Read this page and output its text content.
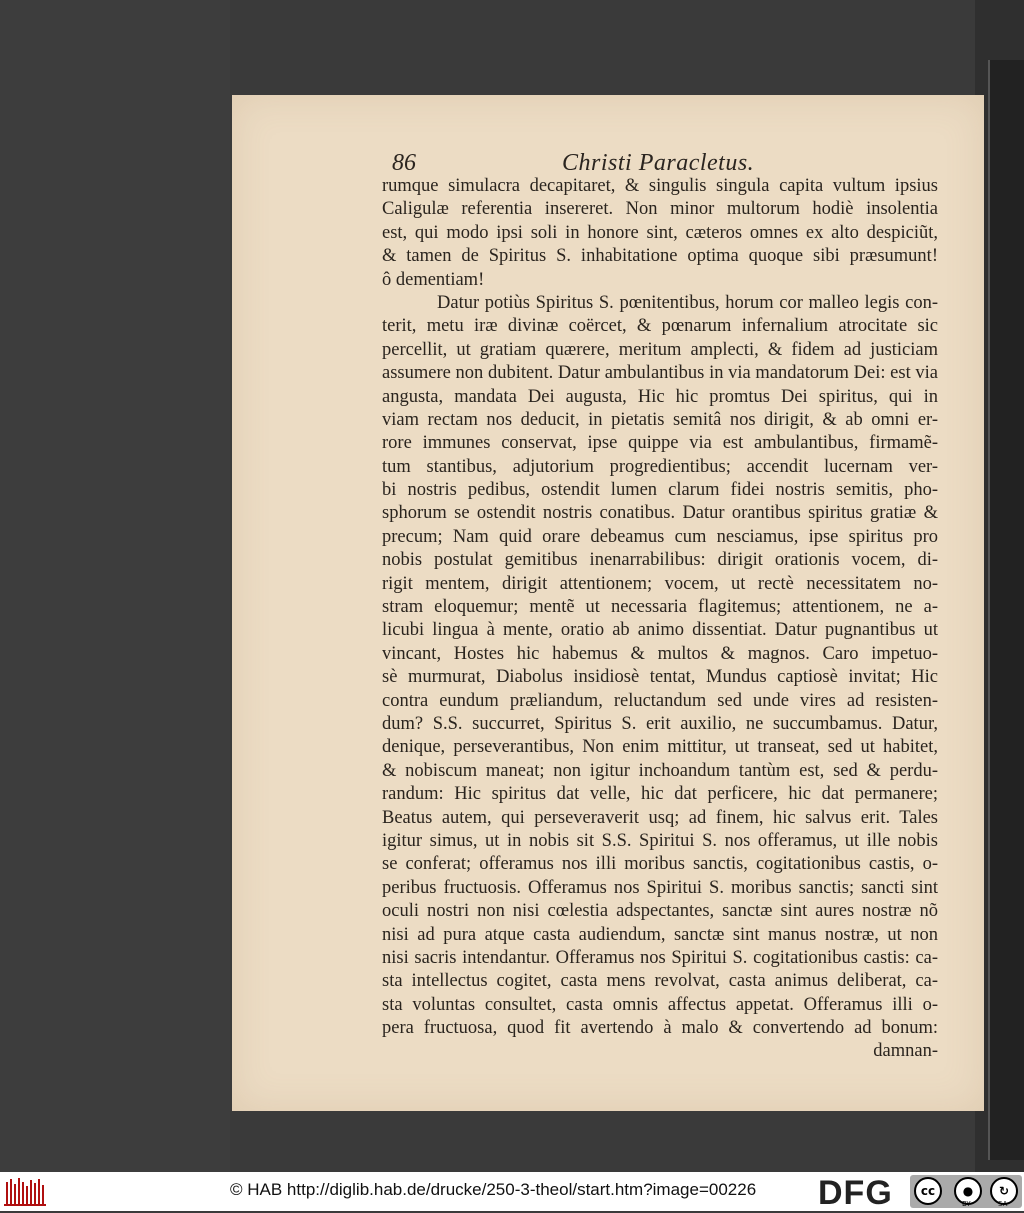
86	Christi Paracletus.
rumque simulacra decapitaret, & singulis singula capita vultum ipsius
Caligulæ referentia insereret. Non minor multorum hodiè insolentia
est, qui modo ipsi soli in honore sint, cæteros omnes ex alto despiciũt,
& tamen de Spiritus S. inhabitatione optima quoque sibi præsumunt!
ô dementiam!
Datur potiùs Spiritus S. pœnitentibus, horum cor malleo legis con-
terit, metu iræ divinæ coërcet, & pœnarum infernalium atrocitate sic
percellit, ut gratiam quærere, meritum amplecti, & fidem ad justiciam
assumere non dubitent. Datur ambulantibus in via mandatorum Dei: est via
angusta, mandata Dei augusta, Hic hic promtus Dei spiritus, qui in
viam rectam nos deducit, in pietatis semitâ nos dirigit, & ab omni er-
rore immunes conservat, ipse quippe via est ambulantibus, firmamẽ-
tum stantibus, adjutorium progredientibus; accendit lucernam ver-
bi nostris pedibus, ostendit lumen clarum fidei nostris semitis, pho-
sphorum se ostendit nostris conatibus. Datur orantibus spiritus gratiæ &
precum; Nam quid orare debeamus cum nesciamus, ipse spiritus pro
nobis postulat gemitibus inenarrabilibus: dirigit orationis vocem, di-
rigit mentem, dirigit attentionem; vocem, ut rectè necessitatem no-
stram eloquemur; mentẽ ut necessaria flagitemus; attentionem, ne a-
licubi lingua à mente, oratio ab animo dissentiat. Datur pugnantibus ut
vincant, Hostes hic habemus & multos & magnos. Caro impetuo-
sè murmurat, Diabolus insidiosè tentat, Mundus captiosè invitat; Hic
contra eundum præliandum, reluctandum sed unde vires ad resisten-
dum? S.S. succurret, Spiritus S. erit auxilio, ne succumbamus. Datur,
denique, perseverantibus, Non enim mittitur, ut transeat, sed ut habitet,
& nobiscum maneat; non igitur inchoandum tantùm est, sed & perdu-
randum: Hic spiritus dat velle, hic dat perficere, hic dat permanere;
Beatus autem, qui perseveraverit usq; ad finem, hic salvus erit. Tales
igitur simus, ut in nobis sit S.S. Spiritui S. nos offeramus, ut ille nobis
se conferat; offeramus nos illi moribus sanctis, cogitationibus castis, o-
peribus fructuosis. Offeramus nos Spiritui S. moribus sanctis; sancti sint
oculi nostri non nisi cœlestia adspectantes, sanctæ sint aures nostræ nõ
nisi ad pura atque casta audiendum, sanctæ sint manus nostræ, ut non
nisi sacris intendantur. Offeramus nos Spiritui S. cogitationibus castis: ca-
sta intellectus cogitet, casta mens revolvat, casta animus deliberat, ca-
sta voluntas consultet, casta omnis affectus appetat. Offeramus illi o-
pera fructuosa, quod fit avertendo à malo & convertendo ad bonum:
damnan-
© HAB http://diglib.hab.de/drucke/250-3-theol/start.htm?image=00226 DFG	cc	●	↻
BY	SA
